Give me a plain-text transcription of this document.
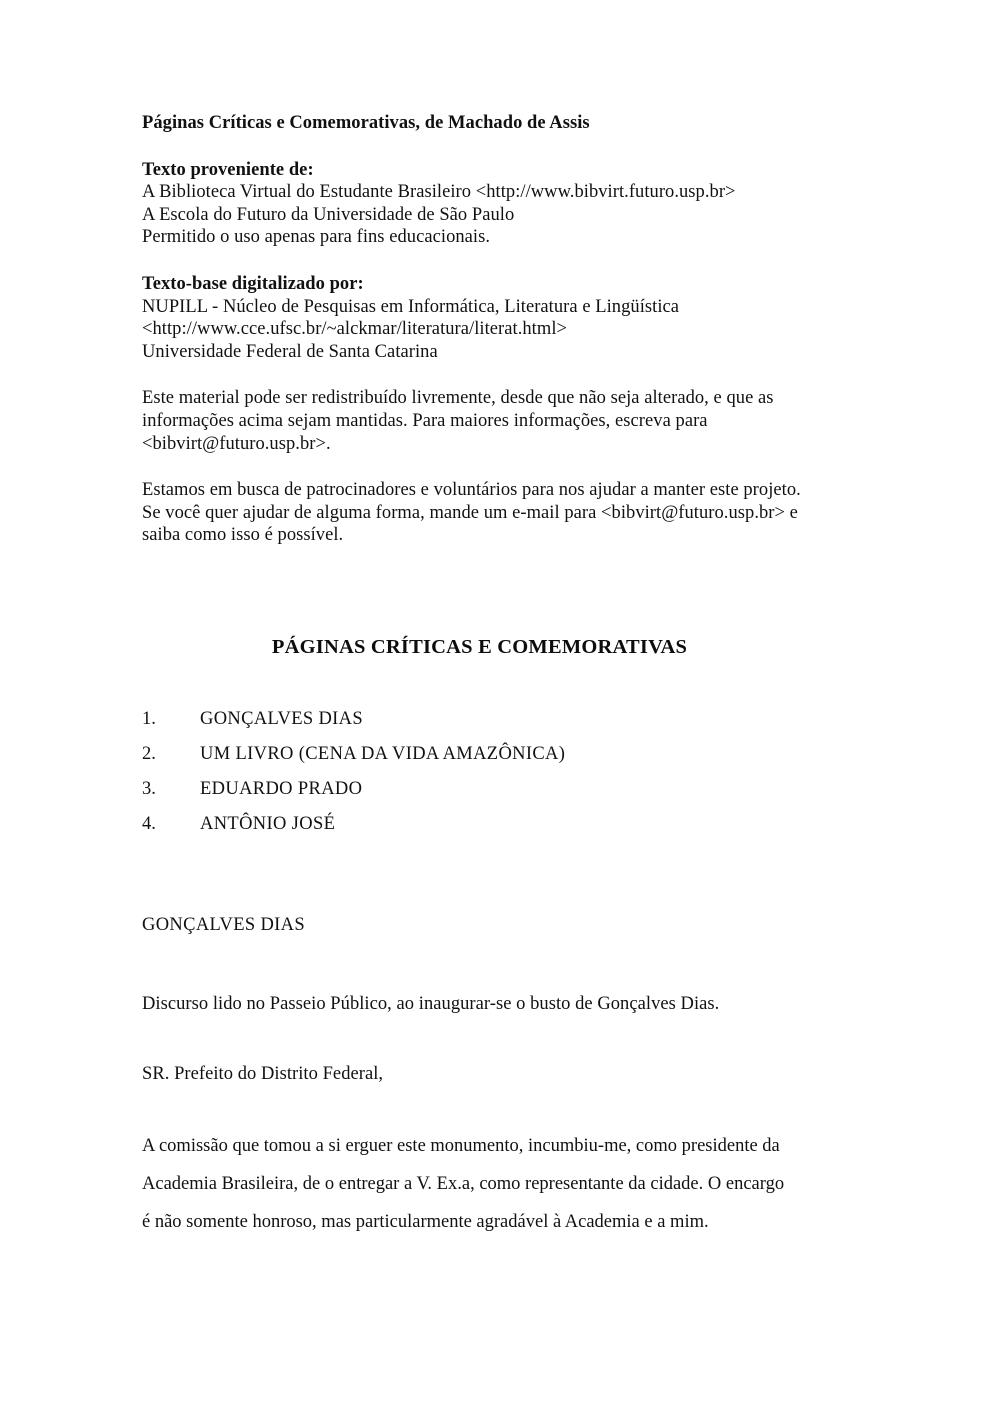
Páginas Críticas e Comemorativas, de Machado de Assis

Texto proveniente de:

A Biblioteca Virtual do Estudante Brasileiro <http://www.bibvirt.futuro.usp.br>

A Escola do Futuro da Universidade de São Paulo

Permitido o uso apenas para fins educacionais.

Texto-base digitalizado por:

NUPILL - Núcleo de Pesquisas em Informática, Literatura e Lingüística

<http://www.cce.ufsc.br/~alckmar/literatura/literat.html>

Universidade Federal de Santa Catarina

Este material pode ser redistribuído livremente, desde que não seja alterado, e que as

informações acima sejam mantidas. Para maiores informações, escreva para

<bibvirt@futuro.usp.br>.

Estamos em busca de patrocinadores e voluntários para nos ajudar a manter este projeto.

Se você quer ajudar de alguma forma, mande um e-mail para <bibvirt@futuro.usp.br> e

saiba como isso é possível.

PÁGINAS CRÍTICAS E COMEMORATIVAS
1.	GONÇALVES DIAS
2.	UM LIVRO (CENA DA VIDA AMAZÔNICA)
3.	EDUARDO PRADO
4.	ANTÔNIO JOSÉ

GONÇALVES DIAS

Discurso lido no Passeio Público, ao inaugurar-se o busto de Gonçalves Dias.

SR. Prefeito do Distrito Federal,

A comissão que tomou a si erguer este monumento, incumbiu-me, como presidente da
Academia Brasileira, de o entregar a V. Ex.a, como representante da cidade. O encargo
é não somente honroso, mas particularmente agradável à Academia e a mim.
